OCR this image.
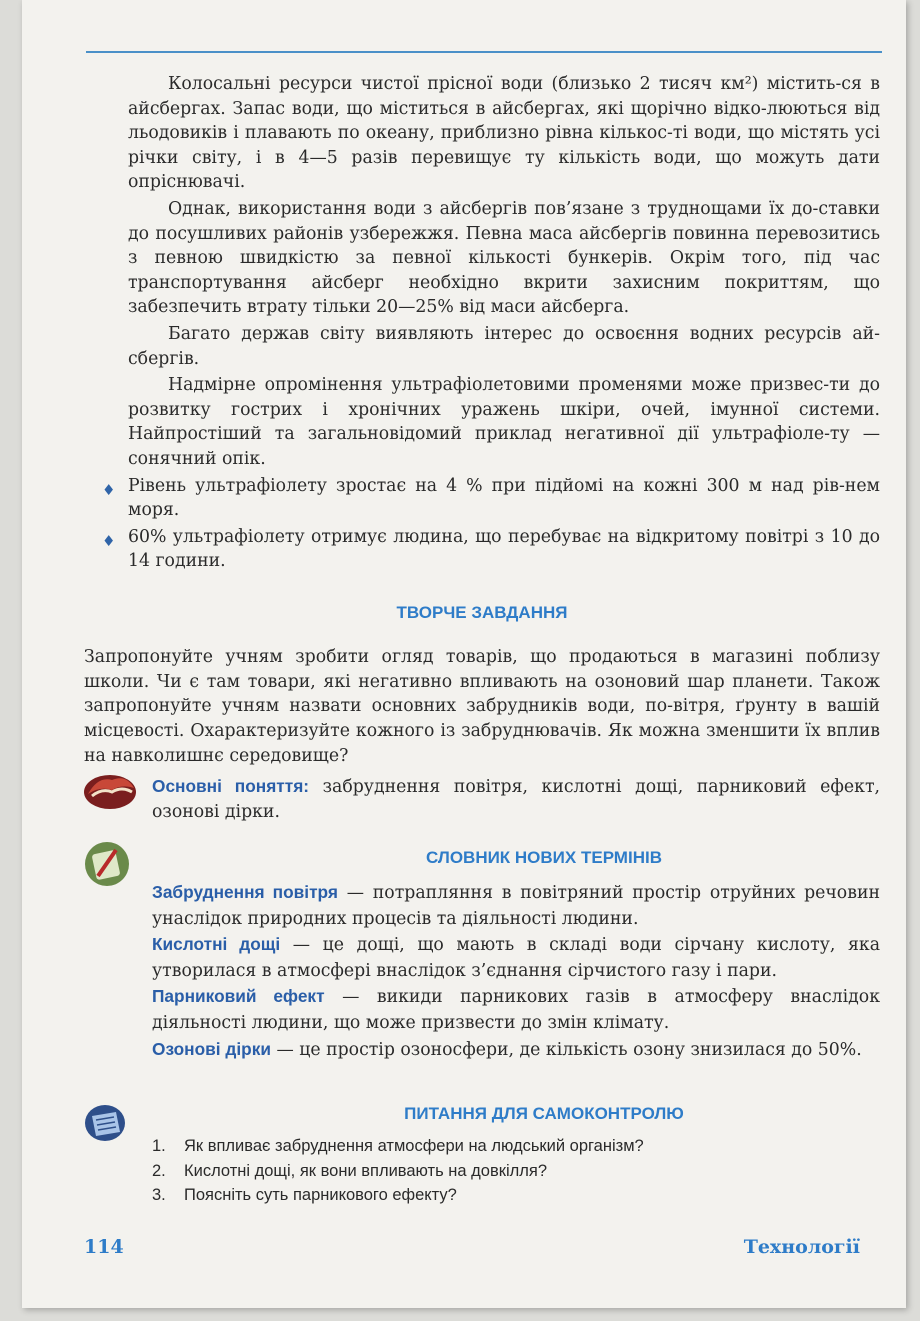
Колосальні ресурси чистої прісної води (близько 2 тисяч км²) містить-ся в айсбергах. Запас води, що міститься в айсбергах, які щорічно відко-люються від льодовиків і плавають по океану, приблизно рівна кількос-ті води, що містять усі річки світу, і в 4—5 разів перевищує ту кількість води, що можуть дати опріснювачі.

Однак, використання води з айсбергів пов’язане з труднощами їх до-ставки до посушливих районів узбережжя. Певна маса айсбергів повинна перевозитись з певною швидкістю за певної кількості бункерів. Окрім того, під час транспортування айсберг необхідно вкрити захисним покриттям, що забезпечить втрату тільки 20—25% від маси айсберга.

Багато держав світу виявляють інтерес до освоєння водних ресурсів ай-сбергів.

Надмірне опромінення ультрафіолетовими променями може призвес-ти до розвитку гострих і хронічних уражень шкіри, очей, імунної системи. Найпростіший та загальновідомий приклад негативної дії ультрафіоле-ту — сонячний опік.

♦ Рівень ультрафіолету зростає на 4 % при підйомі на кожні 300 м над рів-нем моря.
♦ 60% ультрафіолету отримує людина, що перебуває на відкритому повітрі з 10 до 14 години.
ТВОРЧЕ ЗАВДАННЯ

Запропонуйте учням зробити огляд товарів, що продаються в магазині поблизу школи. Чи є там товари, які негативно впливають на озоновий шар планети. Також запропонуйте учням назвати основних забрудників води, по-вітря, ґрунту в вашій місцевості. Охарактеризуйте кожного із забруднювачів. Як можна зменшити їх вплив на навколишнє середовище?

Основні поняття: забруднення повітря, кислотні дощі, парниковий ефект, озонові дірки.
СЛОВНИК НОВИХ ТЕРМІНІВ

Забруднення повітря — потрапляння в повітряний простір отруйних речовин унаслідок природних процесів та діяльності людини.

Кислотні дощі — це дощі, що мають в складі води сірчану кислоту, яка утворилася в атмосфері внаслідок з’єднання сірчистого газу і пари.

Парниковий ефект — викиди парникових газів в атмосферу внаслідок діяльності людини, що може призвести до змін клімату.

Озонові дірки — це простір озоносфери, де кількість озону знизилася до 50%.

ПИТАННЯ ДЛЯ САМОКОНТРОЛЮ
1.	Як впливає забруднення атмосфери на людський організм?
2.	Кислотні дощі, як вони впливають на довкілля?
3.	Поясніть суть парникового ефекту?
114	Технології
